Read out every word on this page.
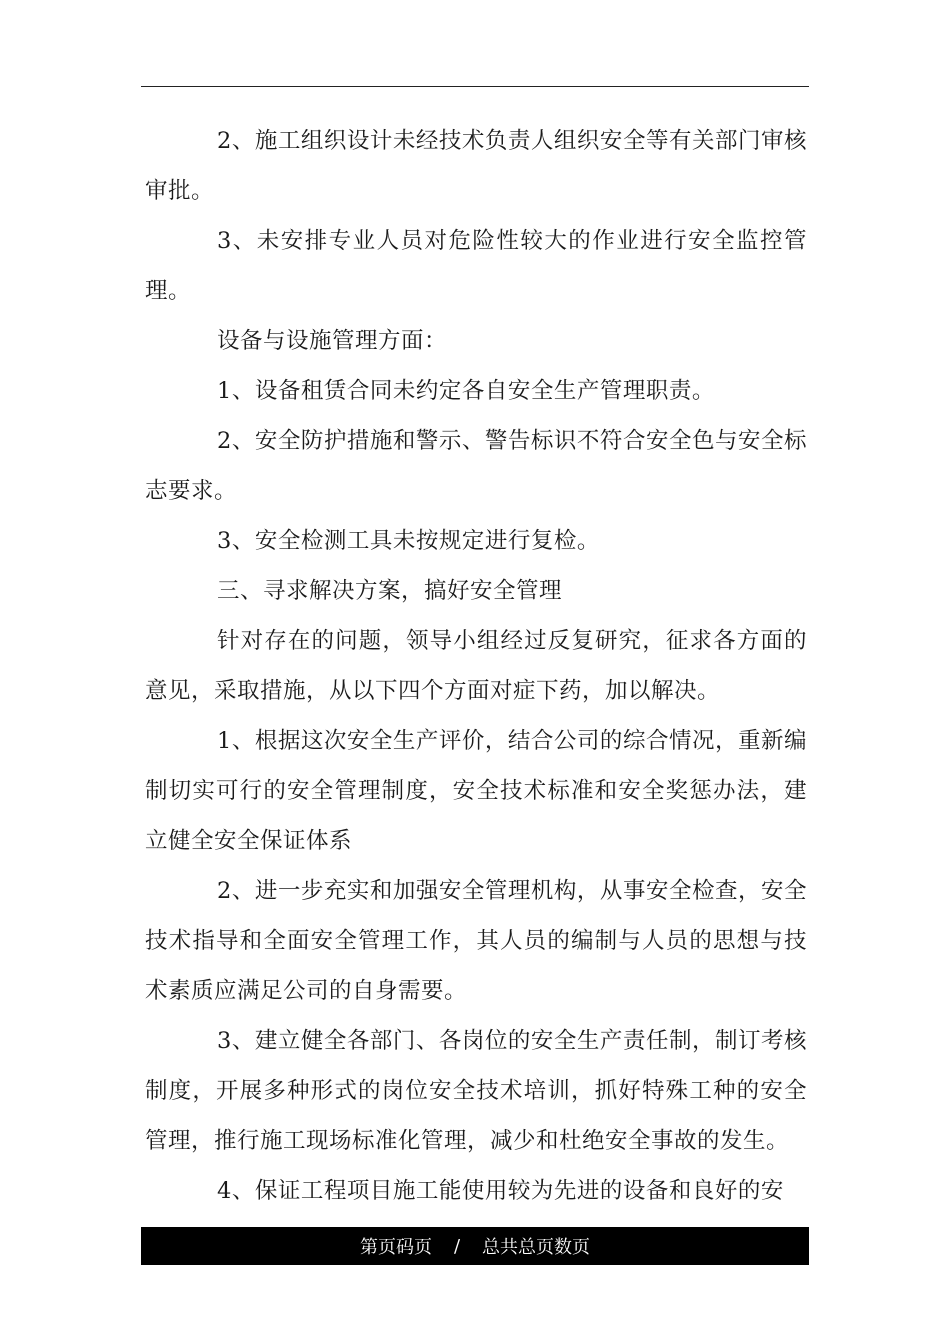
2、施工组织设计未经技术负责人组织安全等有关部门审核审批。

3、未安排专业人员对危险性较大的作业进行安全监控管理。

设备与设施管理方面：

1、设备租赁合同未约定各自安全生产管理职责。

2、安全防护措施和警示、警告标识不符合安全色与安全标志要求。

3、安全检测工具未按规定进行复检。

三、寻求解决方案，搞好安全管理

针对存在的问题，领导小组经过反复研究，征求各方面的意见，采取措施，从以下四个方面对症下药，加以解决。

1、根据这次安全生产评价，结合公司的综合情况，重新编制切实可行的安全管理制度，安全技术标准和安全奖惩办法，建立健全安全保证体系

2、进一步充实和加强安全管理机构，从事安全检查，安全技术指导和全面安全管理工作，其人员的编制与人员的思想与技术素质应满足公司的自身需要。

3、建立健全各部门、各岗位的安全生产责任制，制订考核制度，开展多种形式的岗位安全技术培训，抓好特殊工种的安全管理，推行施工现场标准化管理，减少和杜绝安全事故的发生。

4、保证工程项目施工能使用较为先进的设备和良好的安

第页码页 / 总共总页数页
